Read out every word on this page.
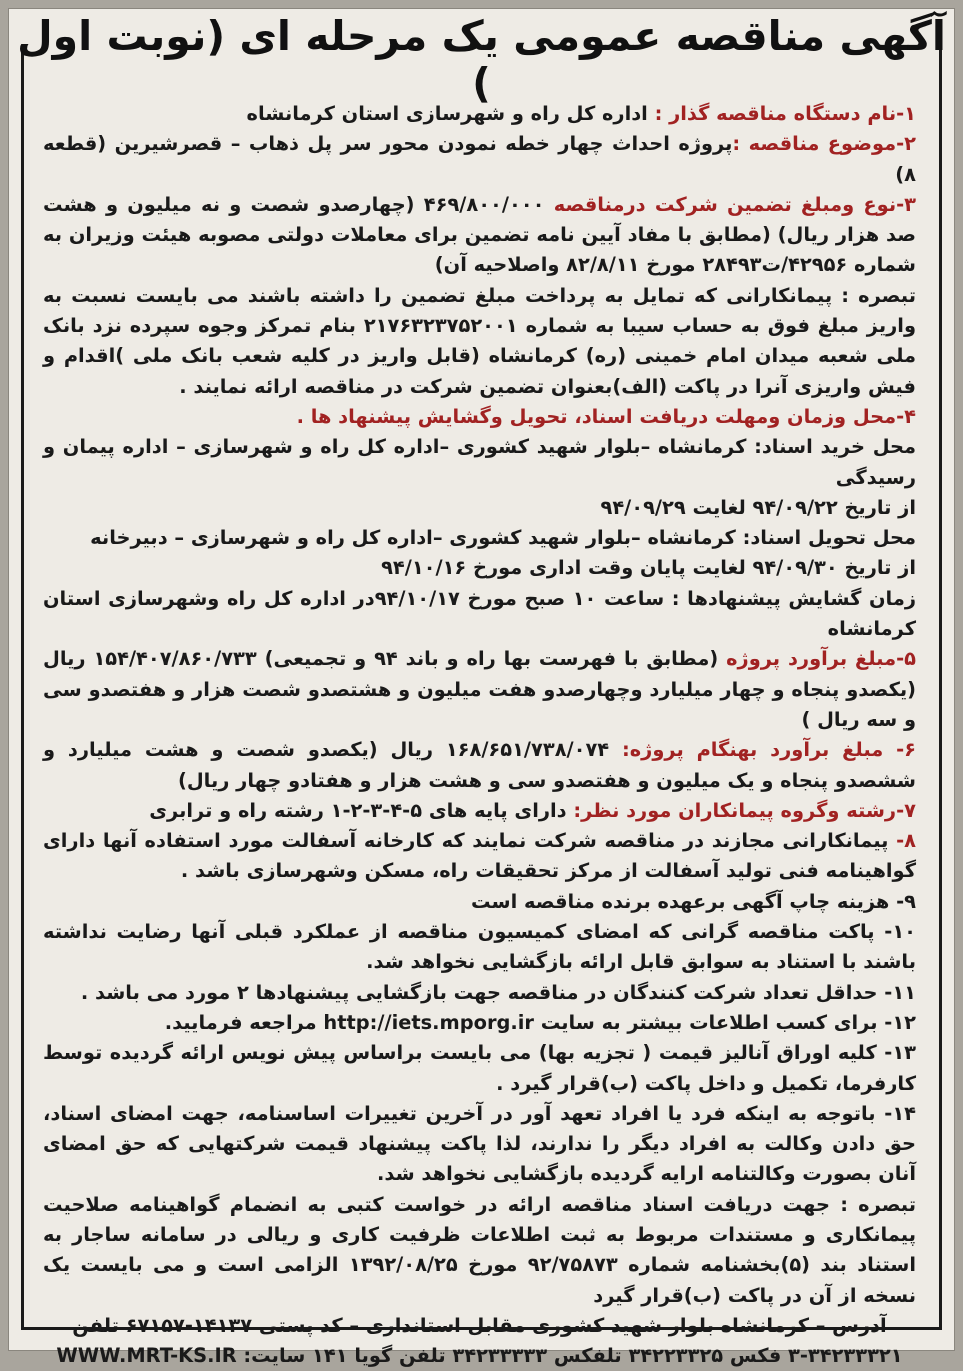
آگهی مناقصه عمومی یک مرحله ای (نوبت اول )

۱-نام دستگاه مناقصه گذار : اداره کل راه و شهرسازی استان کرمانشاه

۲-موضوع مناقصه :پروژه احداث چهار خطه نمودن محور سر پل ذهاب – قصرشیرین (قطعه ۸)

۳-نوع ومبلغ تضمین شرکت درمناقصه ۴۶۹/۸۰۰/۰۰۰ (چهارصدو شصت و نه میلیون و هشت صد هزار ریال) (مطابق با مفاد آیین نامه تضمین برای معاملات دولتی مصوبه هیئت وزیران به شماره ۴۲۹۵۶/ت۲۸۴۹۳ مورخ ۸۲/۸/۱۱ واصلاحیه آن)

تبصره : پیمانکارانی که تمایل به پرداخت مبلغ تضمین را داشته باشند می بایست نسبت به واریز مبلغ فوق به حساب سیبا به شماره ۲۱۷۶۳۲۳۷۵۲۰۰۱ بنام تمرکز وجوه سپرده نزد بانک ملی شعبه میدان امام خمینی (ره) کرمانشاه (قابل واریز در کلیه شعب بانک ملی )اقدام و فیش واریزی آنرا در پاکت (الف)بعنوان تضمین شرکت در مناقصه ارائه نمایند .

۴-محل وزمان ومهلت دریافت اسناد، تحویل وگشایش پیشنهاد ها .

محل خرید اسناد: کرمانشاه –بلوار شهید کشوری –اداره کل راه و شهرسازی – اداره پیمان و رسیدگی

از تاریخ ۹۴/۰۹/۲۲ لغایت ۹۴/۰۹/۲۹

محل تحویل اسناد: کرمانشاه –بلوار شهید کشوری –اداره کل راه و شهرسازی – دبیرخانه

از تاریخ ۹۴/۰۹/۳۰ لغایت پایان وقت اداری مورخ ۹۴/۱۰/۱۶

زمان گشایش پیشنهادها : ساعت ۱۰ صبح مورخ ۹۴/۱۰/۱۷در اداره کل راه وشهرسازی استان کرمانشاه

۵-مبلغ برآورد پروژه (مطابق با فهرست بها راه و باند ۹۴ و تجمیعی) ۱۵۴/۴۰۷/۸۶۰/۷۳۳ ریال (یکصدو پنجاه و چهار میلیارد وچهارصدو هفت میلیون و هشتصدو شصت هزار و هفتصدو سی و سه ریال )

۶- مبلغ برآورد بهنگام پروژه: ۱۶۸/۶۵۱/۷۳۸/۰۷۴ ریال (یکصدو شصت و هشت میلیارد و ششصدو پنجاه و یک میلیون و هفتصدو سی و هشت هزار و هفتادو چهار ریال)

۷-رشته وگروه پیمانکاران مورد نظر: دارای پایه های ۵-۴-۳-۲-۱ رشته راه و ترابری

۸- پیمانکارانی مجازند در مناقصه شرکت نمایند که کارخانه آسفالت مورد استفاده آنها دارای گواهینامه فنی تولید آسفالت از مرکز تحقیقات راه، مسکن وشهرسازی باشد .

۹- هزینه چاپ آگهی برعهده برنده مناقصه است

۱۰- پاکت مناقصه گرانی که امضای کمیسیون مناقصه از عملکرد قبلی آنها رضایت نداشته باشند با استناد به سوابق قابل ارائه بازگشایی نخواهد شد.

۱۱- حداقل تعداد شرکت کنندگان در مناقصه جهت بازگشایی پیشنهادها ۲ مورد می باشد .

۱۲- برای کسب اطلاعات بیشتر به سایت http://iets.mporg.ir مراجعه فرمایید.

۱۳- کلیه اوراق آنالیز قیمت ( تجزیه بها) می بایست براساس پیش نویس ارائه گردیده توسط کارفرما، تکمیل و داخل پاکت (ب)قرار گیرد .

۱۴- باتوجه به اینکه فرد یا افراد تعهد آور در آخرین تغییرات اساسنامه، جهت امضای اسناد، حق دادن وکالت به افراد دیگر را ندارند، لذا پاکت پیشنهاد قیمت شرکتهایی که حق امضای آنان بصورت وکالتنامه ارایه گردیده بازگشایی نخواهد شد.

تبصره : جهت دریافت اسناد مناقصه ارائه در خواست کتبی به انضمام گواهینامه صلاحیت پیمانکاری و مستندات مربوط به ثبت اطلاعات ظرفیت کاری و ریالی در سامانه ساجار به استناد بند (۵)بخشنامه شماره ۹۲/۷۵۸۷۳ مورخ ۱۳۹۲/۰۸/۲۵ الزامی است و می بایست یک نسخه از آن در پاکت (ب)قرار گیرد

آدرس – کرمانشاه بلوار شهید کشوری مقابل استانداری – کد پستی ۱۴۱۳۷-۶۷۱۵۷ تلفن

۳-۳۴۲۳۳۳۲۱ فکس ۳۴۲۲۳۳۲۵ تلفکس ۳۴۲۳۳۳۳۳ تلفن گویا ۱۴۱ سایت: WWW.MRT-KS.IR
